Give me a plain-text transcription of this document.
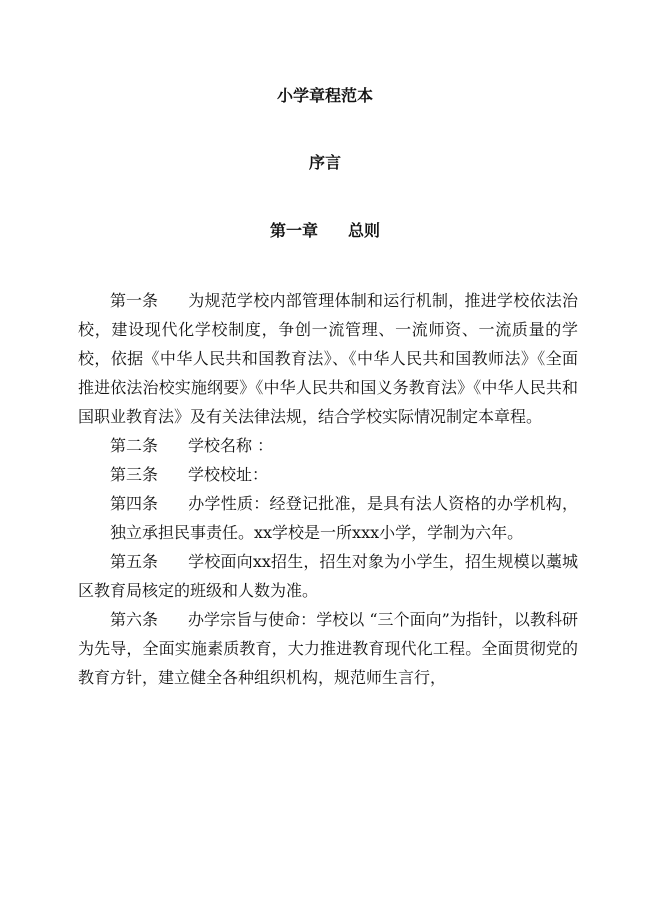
小学章程范本
序言
第一章 总则

第一条 为规范学校内部管理体制和运行机制，推进学校依法治校，建设现代化学校制度，争创一流管理、一流师资、一流质量的学校，依据《中华人民共和国教育法》、《中华人民共和国教师法》《全面推进依法治校实施纲要》《中华人民共和国义务教育法》《中华人民共和国职业教育法》及有关法律法规，结合学校实际情况制定本章程。

第二条 学校名称 ：

第三条 学校校址：

第四条 办学性质：经登记批准，是具有法人资格的办学机构，独立承担民事责任。xx学校是一所xxx小学，学制为六年。

第五条 学校面向xx招生，招生对象为小学生，招生规模以藁城区教育局核定的班级和人数为准。

第六条 办学宗旨与使命：学校以 “三个面向”为指针，以教科研为先导，全面实施素质教育，大力推进教育现代化工程。全面贯彻党的教育方针，建立健全各种组织机构，规范师生言行，
